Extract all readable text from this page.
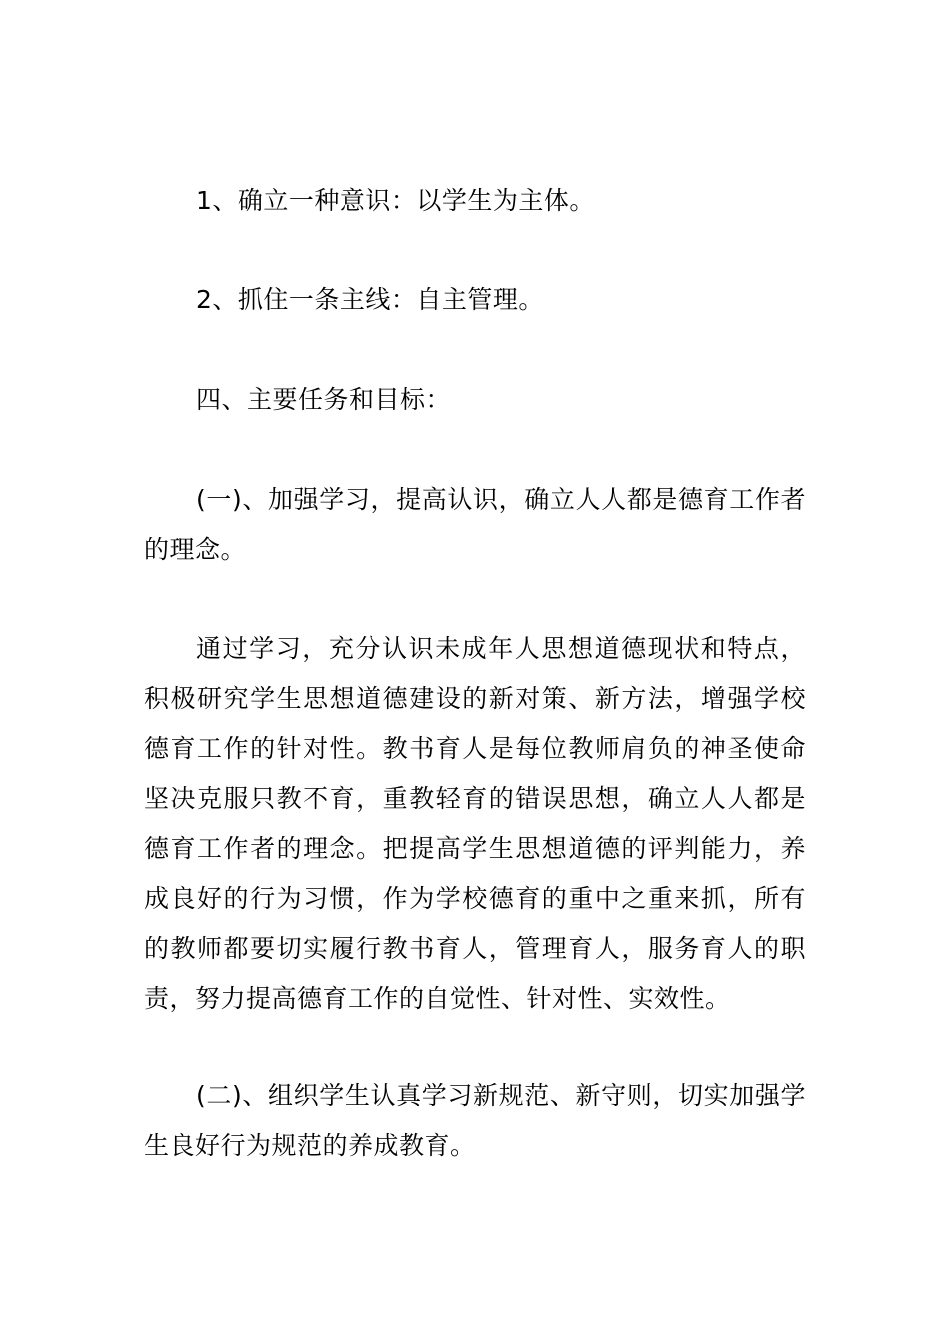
1、确立一种意识：以学生为主体。
2、抓住一条主线：自主管理。
四、主要任务和目标：
(一)、加强学习，提高认识，确立人人都是德育工作者
的理念。
通过学习，充分认识未成年人思想道德现状和特点，
积极研究学生思想道德建设的新对策、新方法，增强学校
德育工作的针对性。教书育人是每位教师肩负的神圣使命
坚决克服只教不育，重教轻育的错误思想，确立人人都是
德育工作者的理念。把提高学生思想道德的评判能力，养
成良好的行为习惯，作为学校德育的重中之重来抓，所有
的教师都要切实履行教书育人，管理育人，服务育人的职
责，努力提高德育工作的自觉性、针对性、实效性。
(二)、组织学生认真学习新规范、新守则，切实加强学
生良好行为规范的养成教育。
